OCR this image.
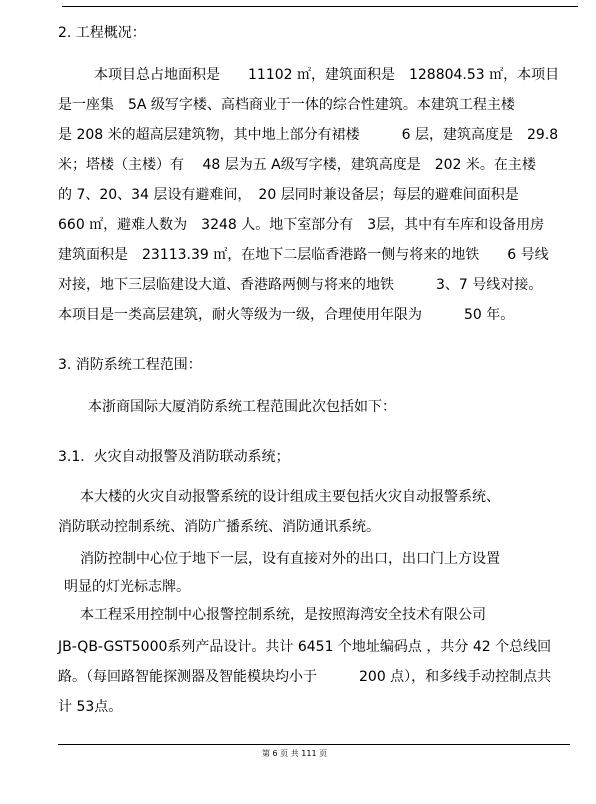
2. 工程概况：
本项目总占地面积是　　11102 ㎡，建筑面积是　128804.53 ㎡，本项目
是一座集　5A 级写字楼、高档商业于一体的综合性建筑。本建筑工程主楼
是 208 米的超高层建筑物，其中地上部分有裙楼　　　6 层，建筑高度是　29.8
米；塔楼（主楼）有　 48 层为五 A级写字楼，建筑高度是　202 米。在主楼
的 7、20、34 层设有避难间，　20 层同时兼设备层；每层的避难间面积是
660 ㎡，避难人数为　3248 人。地下室部分有　3层，其中有车库和设备用房
建筑面积是　23113.39 ㎡，在地下二层临香港路一侧与将来的地铁　　6 号线
对接，地下三层临建设大道、香港路两侧与将来的地铁　　　3、7 号线对接。
本项目是一类高层建筑，耐火等级为一级，合理使用年限为　　　50 年。
3. 消防系统工程范围：
本浙商国际大厦消防系统工程范围此次包括如下：
3.1.  火灾自动报警及消防联动系统；
本大楼的火灾自动报警系统的设计组成主要包括火灾自动报警系统、
消防联动控制系统、消防广播系统、消防通讯系统。
消防控制中心位于地下一层，设有直接对外的出口，出口门上方设置
明显的灯光标志牌。
本工程采用控制中心报警控制系统，是按照海湾安全技术有限公司
JB-QB-GST5000系列产品设计。共计 6451 个地址编码点 ，共分 42 个总线回
路。（每回路智能探测器及智能模块均小于　　　200 点），和多线手动控制点共
计 53点。
第 6 页 共 111 页
